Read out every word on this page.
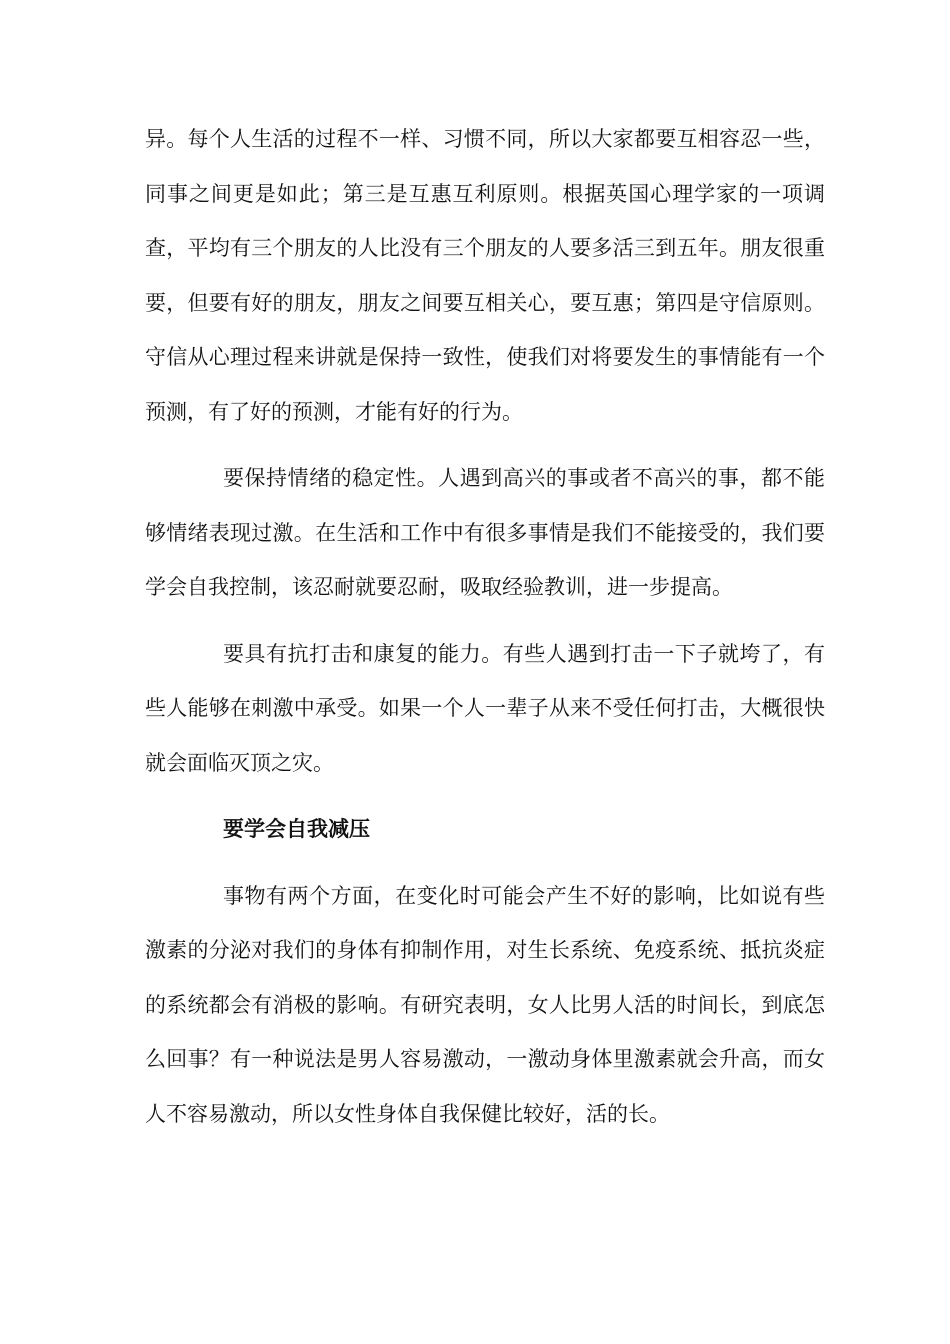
异。每个人生活的过程不一样、习惯不同，所以大家都要互相容忍一些，同事之间更是如此；第三是互惠互利原则。根据英国心理学家的一项调查，平均有三个朋友的人比没有三个朋友的人要多活三到五年。朋友很重要，但要有好的朋友，朋友之间要互相关心，要互惠；第四是守信原则。守信从心理过程来讲就是保持一致性，使我们对将要发生的事情能有一个预测，有了好的预测，才能有好的行为。

要保持情绪的稳定性。人遇到高兴的事或者不高兴的事，都不能够情绪表现过激。在生活和工作中有很多事情是我们不能接受的，我们要学会自我控制，该忍耐就要忍耐，吸取经验教训，进一步提高。

要具有抗打击和康复的能力。有些人遇到打击一下子就垮了，有些人能够在刺激中承受。如果一个人一辈子从来不受任何打击，大概很快就会面临灭顶之灾。

要学会自我减压

事物有两个方面，在变化时可能会产生不好的影响，比如说有些激素的分泌对我们的身体有抑制作用，对生长系统、免疫系统、抵抗炎症的系统都会有消极的影响。有研究表明，女人比男人活的时间长，到底怎么回事？有一种说法是男人容易激动，一激动身体里激素就会升高，而女人不容易激动，所以女性身体自我保健比较好，活的长。
